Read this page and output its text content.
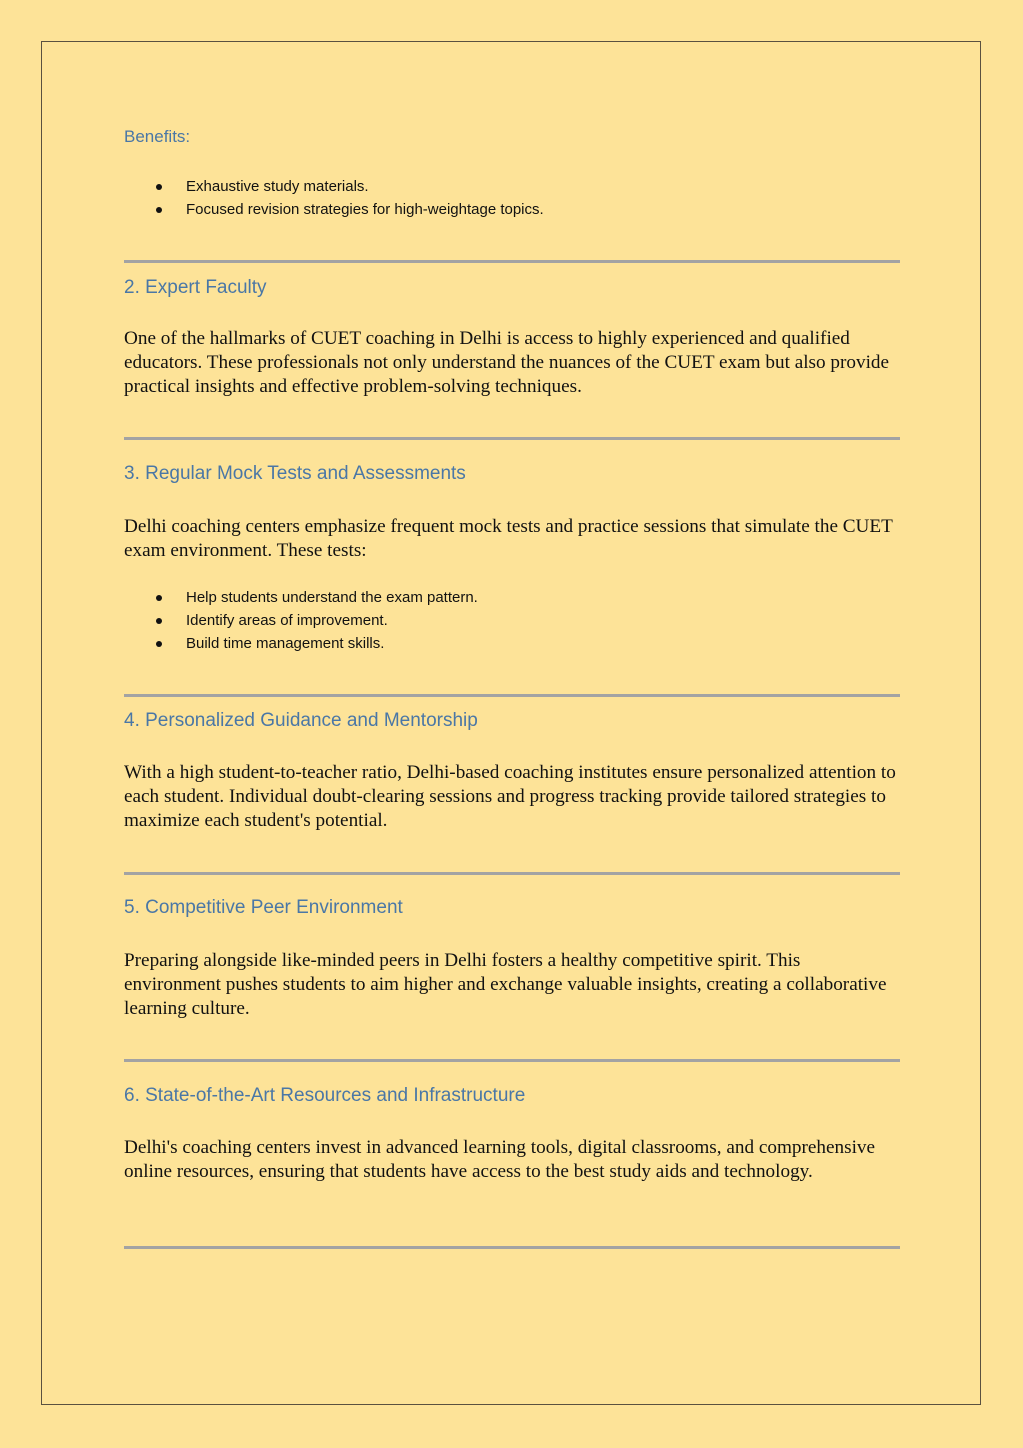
Benefits:
Exhaustive study materials.
Focused revision strategies for high-weightage topics.
2. Expert Faculty

One of the hallmarks of CUET coaching in Delhi is access to highly experienced and qualified educators. These professionals not only understand the nuances of the CUET exam but also provide practical insights and effective problem-solving techniques.

3. Regular Mock Tests and Assessments

Delhi coaching centers emphasize frequent mock tests and practice sessions that simulate the CUET exam environment. These tests:

Help students understand the exam pattern.
Identify areas of improvement.
Build time management skills.
4. Personalized Guidance and Mentorship

With a high student-to-teacher ratio, Delhi-based coaching institutes ensure personalized attention to each student. Individual doubt-clearing sessions and progress tracking provide tailored strategies to maximize each student's potential.

5. Competitive Peer Environment

Preparing alongside like-minded peers in Delhi fosters a healthy competitive spirit. This environment pushes students to aim higher and exchange valuable insights, creating a collaborative learning culture.

6. State-of-the-Art Resources and Infrastructure

Delhi's coaching centers invest in advanced learning tools, digital classrooms, and comprehensive online resources, ensuring that students have access to the best study aids and technology.
